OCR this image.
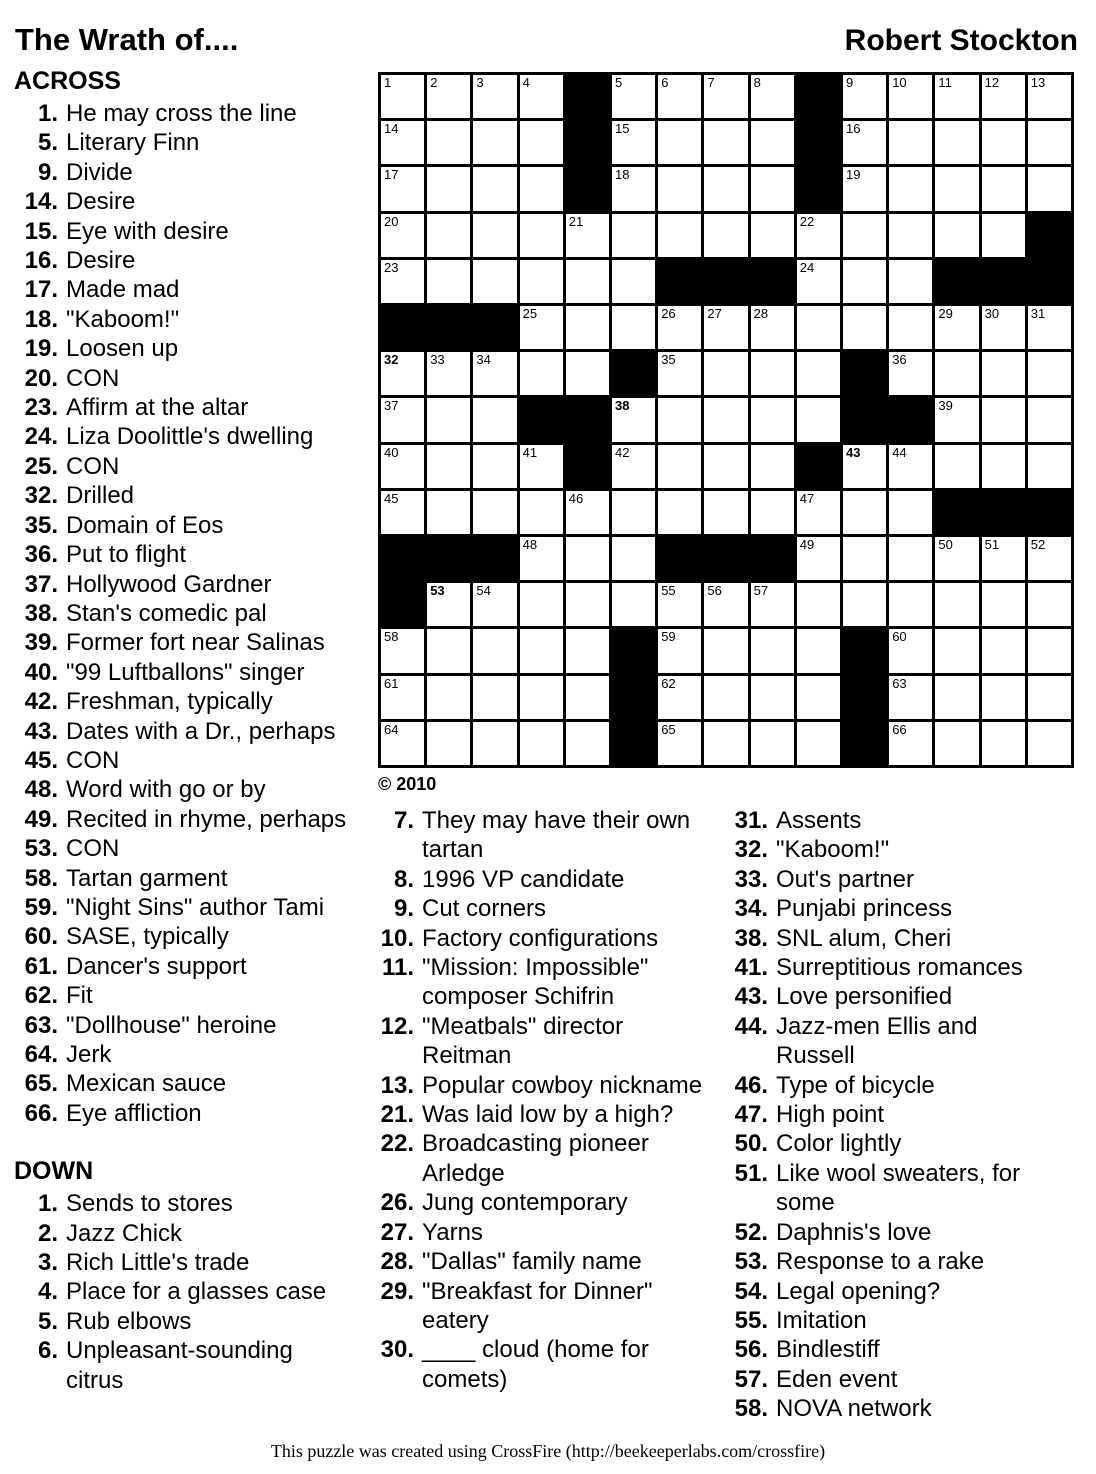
The Wrath of....	Robert Stockton
1	2	3	4	5	6	7	8	9	10 11	12 13
14	15	16
17	18	19
20	21	22
23	24
25	26 27 28	29 30 31
32 33 34	35	36
37	38	39
40	41	42	43 44
45	46	47
48	49	50 51 52
53 54	55 56 57
58	59	60
61	62	63
64	65	66
© 2010
ACROSS
1. He may cross the line
5. Literary Finn
9. Divide
14. Desire
15. Eye with desire
16. Desire
17. Made mad
18. "Kaboom!"
19. Loosen up
20. CON
23. Affirm at the altar
24. Liza Doolittle's dwelling
25. CON
32. Drilled
35. Domain of Eos
36. Put to flight
37. Hollywood Gardner
38. Stan's comedic pal
39. Former fort near Salinas
40. "99 Luftballons" singer
42. Freshman, typically
43. Dates with a Dr., perhaps
45. CON
48. Word with go or by
49. Recited in rhyme, perhaps
53. CON
58. Tartan garment
59. "Night Sins" author Tami
60. SASE, typically
61. Dancer's support
62. Fit
63. "Dollhouse" heroine
64. Jerk
65. Mexican sauce
66. Eye affliction
DOWN
1. Sends to stores
2. Jazz Chick
3. Rich Little's trade
4. Place for a glasses case
5. Rub elbows
6. Unpleasant-sounding citrus
7. They may have their own tartan
8. 1996 VP candidate
9. Cut corners
10. Factory configurations
11. "Mission: Impossible" composer Schifrin
12. "Meatbals" director Reitman
13. Popular cowboy nickname
21. Was laid low by a high?
22. Broadcasting pioneer Arledge
26. Jung contemporary
27. Yarns
28. "Dallas" family name
29. "Breakfast for Dinner" eatery
30. ____ cloud (home for comets)
31. Assents
32. "Kaboom!"
33. Out's partner
34. Punjabi princess
38. SNL alum, Cheri
41. Surreptitious romances
43. Love personified
44. Jazz-men Ellis and Russell
46. Type of bicycle
47. High point
50. Color lightly
51. Like wool sweaters, for some
52. Daphnis's love
53. Response to a rake
54. Legal opening?
55. Imitation
56. Bindlestiff
57. Eden event
58. NOVA network
This puzzle was created using CrossFire (http://beekeeperlabs.com/crossfire)
